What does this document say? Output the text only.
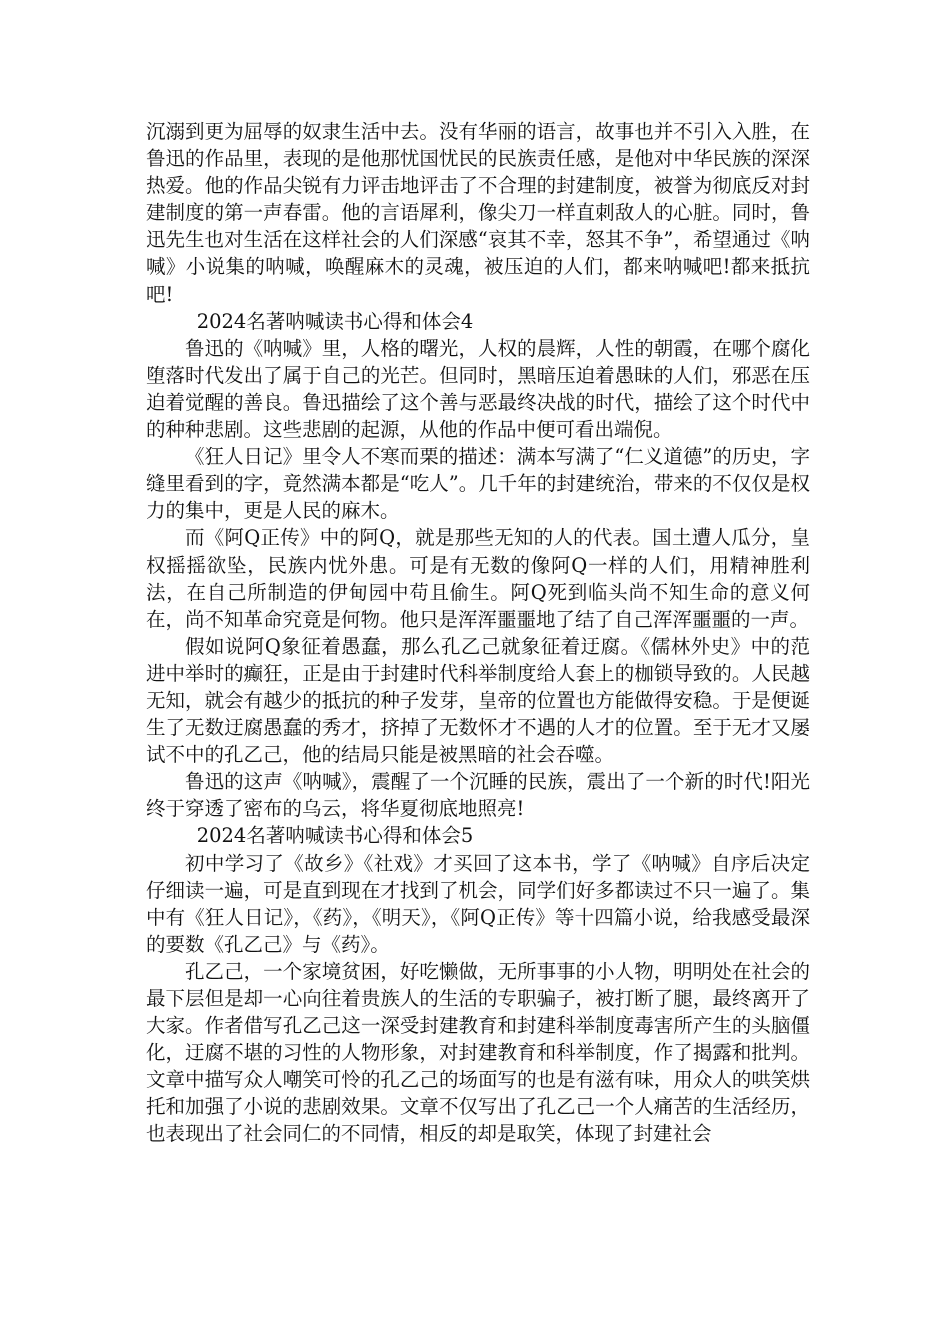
沉溺到更为屈辱的奴隶生活中去。没有华丽的语言，故事也并不引入入胜，在鲁迅的作品里，表现的是他那忧国忧民的民族责任感，是他对中华民族的深深热爱。他的作品尖锐有力评击地评击了不合理的封建制度，被誉为彻底反对封建制度的第一声春雷。他的言语犀利，像尖刀一样直刺敌人的心脏。同时，鲁迅先生也对生活在这样社会的人们深感“哀其不幸，怒其不争”，希望通过《呐喊》小说集的呐喊，唤醒麻木的灵魂，被压迫的人们，都来呐喊吧!都来抵抗吧!

2024名著呐喊读书心得和体会4

鲁迅的《呐喊》里，人格的曙光，人权的晨辉，人性的朝霞，在哪个腐化堕落时代发出了属于自己的光芒。但同时，黑暗压迫着愚昧的人们，邪恶在压迫着觉醒的善良。鲁迅描绘了这个善与恶最终决战的时代，描绘了这个时代中的种种悲剧。这些悲剧的起源，从他的作品中便可看出端倪。

《狂人日记》里令人不寒而栗的描述：满本写满了“仁义道德”的历史，字缝里看到的字，竟然满本都是“吃人”。几千年的封建统治，带来的不仅仅是权力的集中，更是人民的麻木。

而《阿Q正传》中的阿Q，就是那些无知的人的代表。国土遭人瓜分，皇权摇摇欲坠，民族内忧外患。可是有无数的像阿Q一样的人们，用精神胜利法，在自己所制造的伊甸园中苟且偷生。阿Q死到临头尚不知生命的意义何在，尚不知革命究竟是何物。他只是浑浑噩噩地了结了自己浑浑噩噩的一声。

假如说阿Q象征着愚蠢，那么孔乙己就象征着迂腐。《儒林外史》中的范进中举时的癫狂，正是由于封建时代科举制度给人套上的枷锁导致的。人民越无知，就会有越少的抵抗的种子发芽，皇帝的位置也方能做得安稳。于是便诞生了无数迂腐愚蠢的秀才，挤掉了无数怀才不遇的人才的位置。至于无才又屡试不中的孔乙己，他的结局只能是被黑暗的社会吞噬。

鲁迅的这声《呐喊》，震醒了一个沉睡的民族，震出了一个新的时代!阳光终于穿透了密布的乌云，将华夏彻底地照亮!

2024名著呐喊读书心得和体会5

初中学习了《故乡》《社戏》才买回了这本书，学了《呐喊》自序后决定仔细读一遍，可是直到现在才找到了机会，同学们好多都读过不只一遍了。集中有《狂人日记》，《药》，《明天》，《阿Q正传》等十四篇小说，给我感受最深的要数《孔乙己》与《药》。

孔乙己，一个家境贫困，好吃懒做，无所事事的小人物，明明处在社会的最下层但是却一心向往着贵族人的生活的专职骗子，被打断了腿，最终离开了大家。作者借写孔乙己这一深受封建教育和封建科举制度毒害所产生的头脑僵化，迂腐不堪的习性的人物形象，对封建教育和科举制度，作了揭露和批判。文章中描写众人嘲笑可怜的孔乙己的场面写的也是有滋有味，用众人的哄笑烘托和加强了小说的悲剧效果。文章不仅写出了孔乙己一个人痛苦的生活经历，也表现出了社会同仁的不同情，相反的却是取笑，体现了封建社会
